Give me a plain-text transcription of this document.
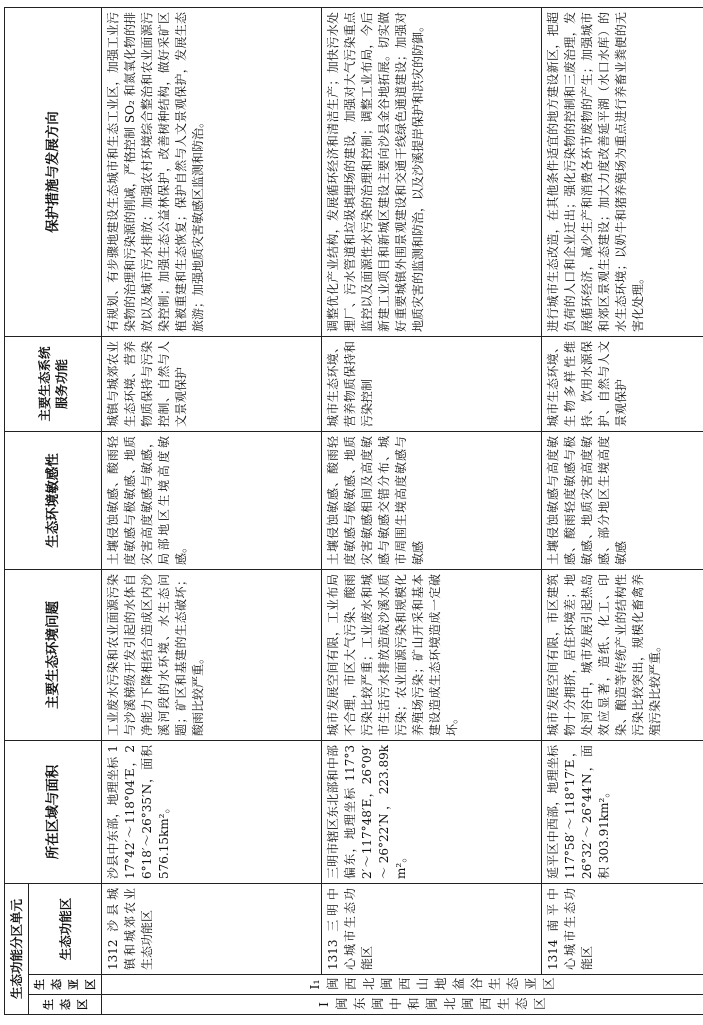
生态功能分区单元			所在区域与面积	主要生态环境问题	生态环境敏感性	主要生态系统服务功能	保护措施与发展方向
生态区	生态亚区	生态功能区					
Ⅰ闽东闽中和闽北闽西生态区	Ⅰ₁闽西北闽西山地盆谷生态亚区	1312 沙县城镇和城郊农业生态功能区	沙县中东部，地理坐标 117°42′～118°04′E，26°18′～26°35′N，面积 576.15km²。	工业废水污染和农业面源污染与沙溪梯级开发引起的水体自净能力下降相结合造成区内沙溪河段的水环境、水生态问题；矿区和基建的生态破坏；酸雨比较严重。	土壤侵蚀敏感、酸雨轻度敏感与极敏感、地质灾害高度敏感与敏感，局部地区生境高度敏感。	城镇与城郊农业生态环境、营养物质保持与污染控制、自然与人文景观保护	有规划、有步骤地建设生态城市和生态工业区，加强工业污染物的治理和污染源的削减，严格控制 SO₂ 和氮氧化物的排放以及城市污水排放；加强农村环境综合整治和农业面源污染控制；加强生态公益林保护，改善树种结构，做好采矿区植被重建和生态恢复；保护自然与人文景观保护，发展生态旅游；加强地质灾害敏感区监测和防治。
		1313 三明中心城市生态功能区	三明市辖区东北部和中部偏东，地理坐标 117°32′～117°48′E，26°09′～26°22′N，223.89km²。	城市发展空间有限，工业布局不合理，市区大气污染、酸雨污染比较严重；工业废水和城市生活污水排放造成沙溪水质污染；农业面源污染和规模化养殖场污染；矿山开采和基本建设造成生态环境造成一定破坏。	土壤侵蚀敏感、酸雨轻度敏感与极敏感、地质灾害敏感相间及高度敏感与敏感交错分布、城市周围生境高度敏感与敏感	城市生态环境、营养物质保持和污染控制	调整优化产业结构，发展循环经济和清洁生产；加快污水处理厂、污水管道和垃圾填埋场的建设，加强对大气污染重点监控以及面源性水污染的治理和控制；调整工业布局，今后新建工业项目和新城区建设主要向沙县金谷地拓展。切实做好重要城镇外围景观建设和交通干线绿色通道建设；加强对地质灾害的监测和防治，以及沙溪提岸保护和洪灾的防御。
		1314 南平中心城市生态功能区	延平区中西部，地理坐标 117°58′～118°17′E，26°32′～26°44′N，面积 303.91km²。	城市发展空间有限，市区建筑物十分拥挤，居住环境差；地处河谷中，城市发展引起热岛效应显著，造纸、化工、印染、酿造等传统产业的结构性污染比较突出，规模化畜禽养殖污染比较严重。	土壤侵蚀敏感与高度敏感、酸雨轻度敏感与极敏感、地质灾害高度敏感、部分地区生境高度敏感	城市生态环境、生物多样性维持、饮用水源保护、自然与人文景观保护	进行城市生态改造，在其他条件适宜的地方建设新区，把超负荷的人口和企业迁出；强化污染物的控制和三废治理，发展循环经济，减少生产和消费各环节废物的产生；加强城市和郊区景观生态建设；加大力度改善延平湖（水口水库）的水生态环境；以奶牛和猪养殖场为重点进行养畜业粪便的无害化处理。
